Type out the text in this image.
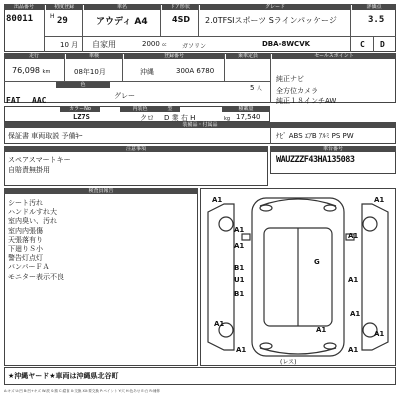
出品番号
80011
初度登録
H 29
10 月
車名
アウディ A4
ドア形状
4SD
グレード
2.0TFSIスポーツ Sラインパッケージ
評価点
3.5
自家用	2000 cc	ガソリン	DBA-8WCVK	C D
走行	車検	登録番号	乗車定員	セールスポイント
76,098 km	08年10月	沖縄	300A 6780
5 人
純正ナビ
全方位カメラ
純正１８インチAW
FAT AAC
色
グレー
カラーNo
LZ7S
内装色
クロ
型
D 業 右 H
積載量
kg 17,540
装備品・付属品
保証書 車両取説 予備ｷｰ	ﾅﾋﾞ ABS ｴｱB ｱﾙﾐ PS PW
注意事項
スペアスマートキー
自賠責無掛用
車台番号
WAUZZZF43HA135083
検査員報告
シート汚れ
ハンドルすれ大
室内臭い、汚れ
室内内張傷
天張落有り
下廻りＳ小
警告灯点灯
バンパーＦＡ
モニター表示不良
A1	A1
A1
A1
A1
G
B1
B1
U1	A1
A1
A1
A1	A1
A1	A1
(レス)
★沖縄ヤード★車両は沖縄県北谷町
A:キズ U:凹 B:凹+キズ W:波 S:錆 C:腐食 X:交換 XX:要交換 P:ペイント Y:穴 H:色あせ E:凸 R:補修
